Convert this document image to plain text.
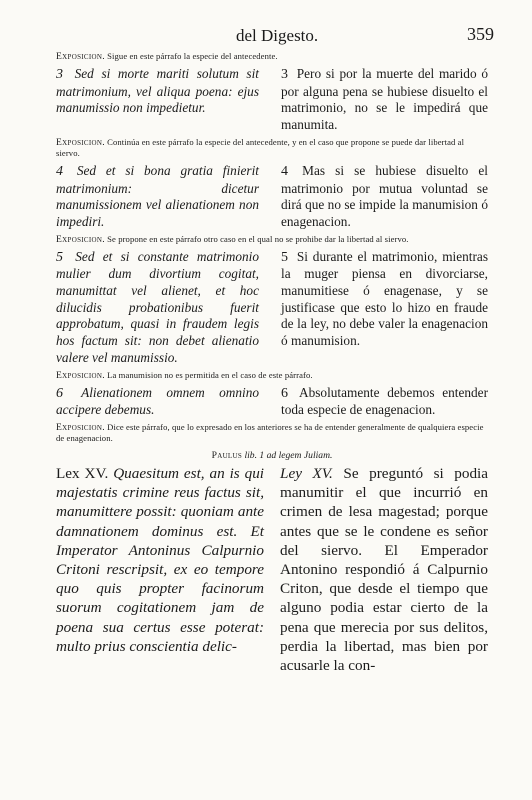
del Digesto.	359

Exposicion. Sigue en este párrafo la especie del antecedente.

3 Sed si morte mariti solutum sit matrimonium, vel aliqua poena: ejus manumissio non impedietur.
3 Pero si por la muerte del marido ó por alguna pena se hubiese disuelto el matrimonio, no se le impedirá que manumita.

Exposicion. Continúa en este párrafo la especie del antecedente, y en el caso que propone se puede dar libertad al siervo.

4 Sed et si bona gratia finierit matrimonium: dicetur manumissionem vel alienationem non impediri.
4 Mas si se hubiese disuelto el matrimonio por mutua voluntad se dirá que no se impide la manumision ó enagenacion.

Exposicion. Se propone en este párrafo otro caso en el qual no se prohibe dar la libertad al siervo.

5 Sed et si constante matrimonio mulier dum divortium cogitat, manumittat vel alienet, et hoc dilucidis probationibus fuerit approbatum, quasi in fraudem legis hos factum sit: non debet alienatio valere vel manumissio.
5 Si durante el matrimonio, mientras la muger piensa en divorciarse, manumitiese ó enagenase, y se justificase que esto lo hizo en fraude de la ley, no debe valer la enagenacion ó manumision.

Exposicion. La manumision no es permitida en el caso de este párrafo.

6 Alienationem omnem omnino accipere debemus.
6 Absolutamente debemos entender toda especie de enagenacion.

Exposicion. Dice este párrafo, que lo expresado en los anteriores se ha de entender generalmente de qualquiera especie de enagenacion.

Paulus lib. 1 ad legem Juliam.

Lex XV. Quaesitum est, an is qui majestatis crimine reus factus sit, manumittere possit: quoniam ante damnationem dominus est. Et Imperator Antoninus Calpurnio Critoni rescripsit, ex eo tempore quo quis propter facinorum suorum cogitationem jam de poena sua certus esse poterat: multo prius conscientia delic-
Ley XV. Se preguntó si podia manumitir el que incurrió en crimen de lesa magestad; porque antes que se le condene es señor del siervo. El Emperador Antonino respondió á Calpurnio Criton, que desde el tiempo que alguno podia estar cierto de la pena que merecia por sus delitos, perdia la libertad, mas bien por acusarle la con-
